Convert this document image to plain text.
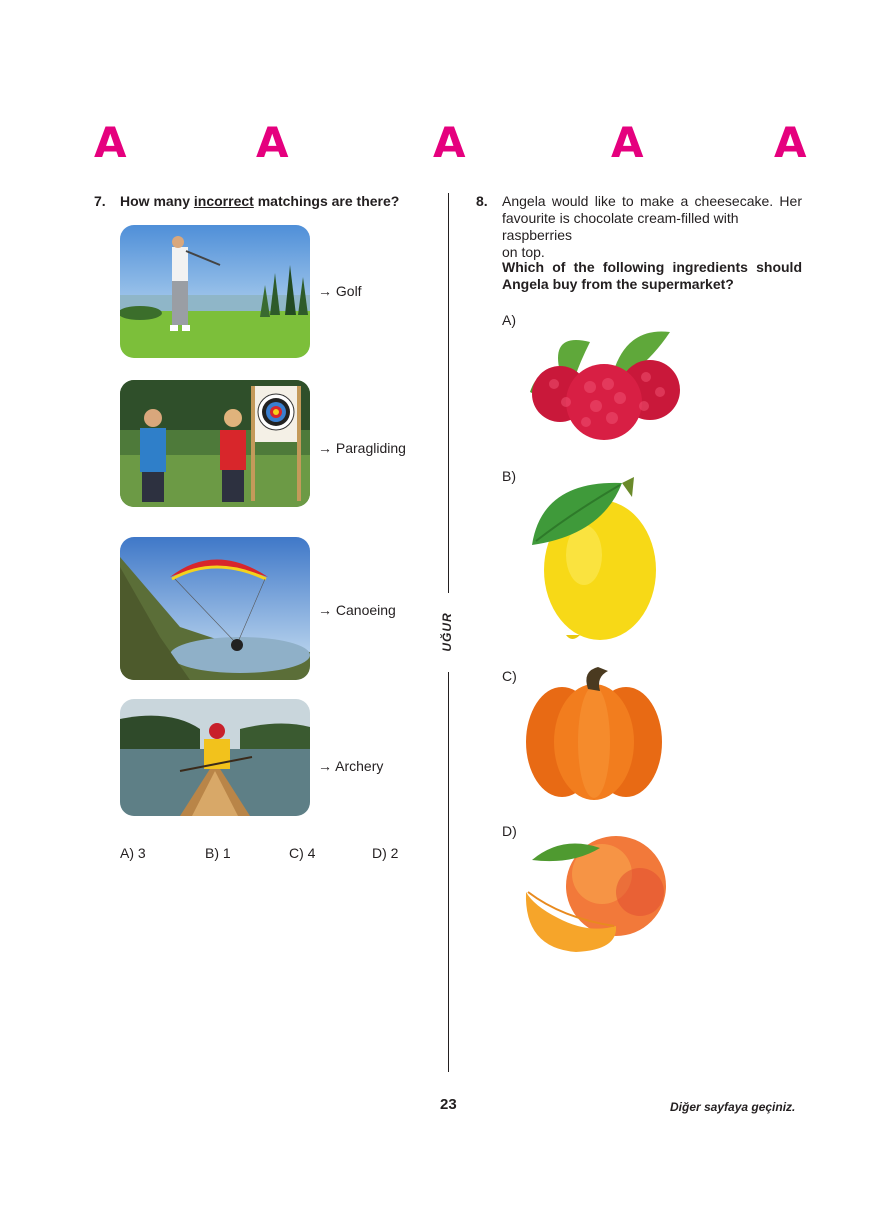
A	A	A	A	A
7. How many incorrect matchings are there?
→ Golf
→ Paragliding
→ Canoeing
→ Archery
A) 3	B) 1	C) 4	D) 2
UĞUR
8. Angela would like to make a cheesecake. Her
favourite is chocolate cream-filled with raspberries
on top.
Which of the following ingredients should
Angela buy from the supermarket?
A)
B)
C)
D)
23	Diğer sayfaya geçiniz.
